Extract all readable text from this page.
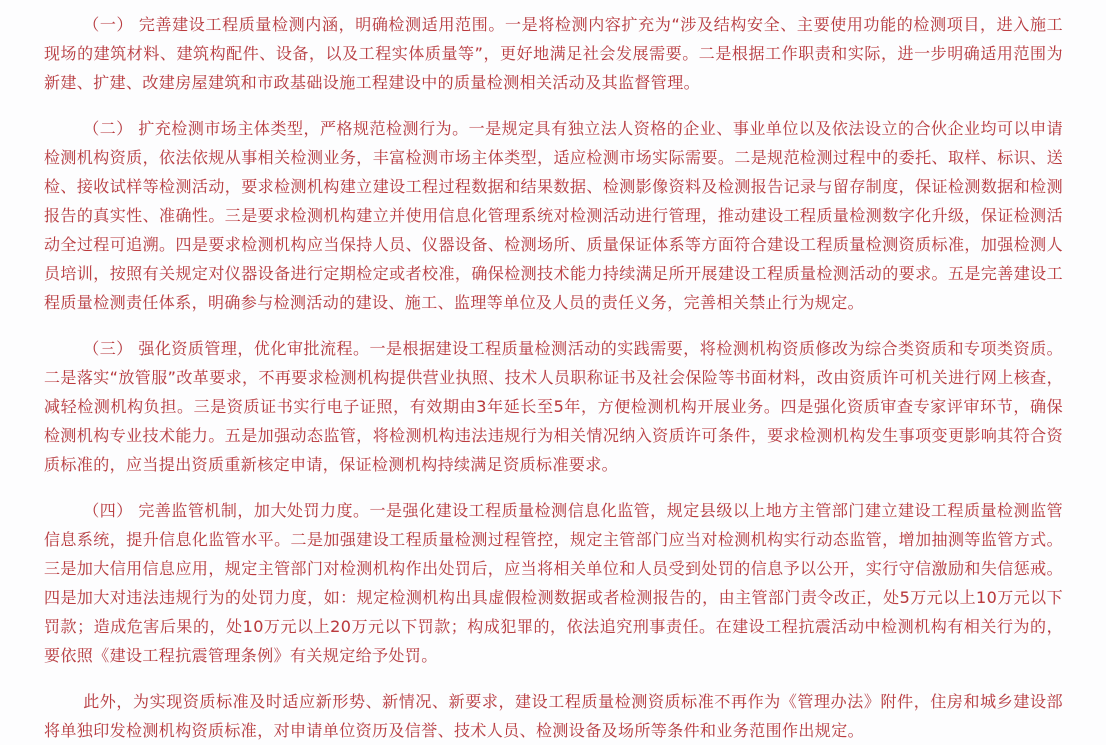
（一） 完善建设工程质量检测内涵，明确检测适用范围。一是将检测内容扩充为“涉及结构安全、主要使用功能的检测项目，进入施工现场的建筑材料、建筑构配件、设备，以及工程实体质量等”，更好地满足社会发展需要。二是根据工作职责和实际，进一步明确适用范围为新建、扩建、改建房屋建筑和市政基础设施工程建设中的质量检测相关活动及其监督管理。

（二） 扩充检测市场主体类型，严格规范检测行为。一是规定具有独立法人资格的企业、事业单位以及依法设立的合伙企业均可以申请检测机构资质，依法依规从事相关检测业务，丰富检测市场主体类型，适应检测市场实际需要。二是规范检测过程中的委托、取样、标识、送检、接收试样等检测活动，要求检测机构建立建设工程过程数据和结果数据、检测影像资料及检测报告记录与留存制度，保证检测数据和检测报告的真实性、准确性。三是要求检测机构建立并使用信息化管理系统对检测活动进行管理，推动建设工程质量检测数字化升级，保证检测活动全过程可追溯。四是要求检测机构应当保持人员、仪器设备、检测场所、质量保证体系等方面符合建设工程质量检测资质标准，加强检测人员培训，按照有关规定对仪器设备进行定期检定或者校准，确保检测技术能力持续满足所开展建设工程质量检测活动的要求。五是完善建设工程质量检测责任体系，明确参与检测活动的建设、施工、监理等单位及人员的责任义务，完善相关禁止行为规定。

（三） 强化资质管理，优化审批流程。一是根据建设工程质量检测活动的实践需要，将检测机构资质修改为综合类资质和专项类资质。二是落实“放管服”改革要求，不再要求检测机构提供营业执照、技术人员职称证书及社会保险等书面材料，改由资质许可机关进行网上核查，减轻检测机构负担。三是资质证书实行电子证照，有效期由3年延长至5年，方便检测机构开展业务。四是强化资质审查专家评审环节，确保检测机构专业技术能力。五是加强动态监管，将检测机构违法违规行为相关情况纳入资质许可条件，要求检测机构发生事项变更影响其符合资质标准的，应当提出资质重新核定申请，保证检测机构持续满足资质标准要求。

（四） 完善监管机制，加大处罚力度。一是强化建设工程质量检测信息化监管，规定县级以上地方主管部门建立建设工程质量检测监管信息系统，提升信息化监管水平。二是加强建设工程质量检测过程管控，规定主管部门应当对检测机构实行动态监管，增加抽测等监管方式。三是加大信用信息应用，规定主管部门对检测机构作出处罚后，应当将相关单位和人员受到处罚的信息予以公开，实行守信激励和失信惩戒。四是加大对违法违规行为的处罚力度，如：规定检测机构出具虚假检测数据或者检测报告的，由主管部门责令改正，处5万元以上10万元以下罚款；造成危害后果的，处10万元以上20万元以下罚款；构成犯罪的，依法追究刑事责任。在建设工程抗震活动中检测机构有相关行为的，要依照《建设工程抗震管理条例》有关规定给予处罚。

此外，为实现资质标准及时适应新形势、新情况、新要求，建设工程质量检测资质标准不再作为《管理办法》附件，住房和城乡建设部将单独印发检测机构资质标准，对申请单位资历及信誉、技术人员、检测设备及场所等条件和业务范围作出规定。
